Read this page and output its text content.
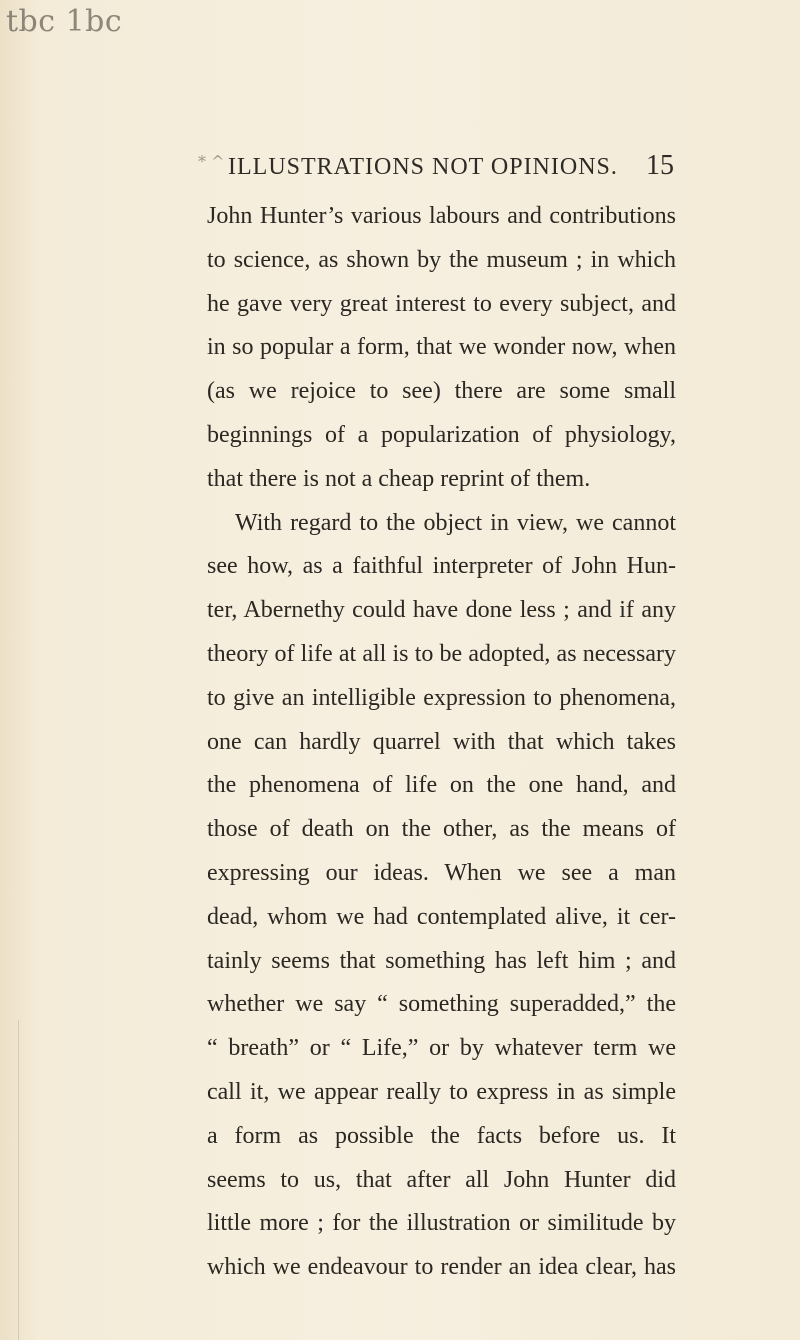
tbc 1bc
* ^ ILLUSTRATIONS NOT OPINIONS. 15
John Hunter’s various labours and contributions
to science, as shown by the museum ; in which
he gave very great interest to every subject, and
in so popular a form, that we wonder now, when
(as we rejoice to see) there are some small
beginnings of a popularization of physiology,
that there is not a cheap reprint of them.
With regard to the object in view, we cannot
see how, as a faithful interpreter of John Hun-
ter, Abernethy could have done less ; and if any
theory of life at all is to be adopted, as necessary
to give an intelligible expression to phenomena,
one can hardly quarrel with that which takes
the phenomena of life on the one hand, and
those of death on the other, as the means of
expressing our ideas. When we see a man
dead, whom we had contemplated alive, it cer-
tainly seems that something has left him ; and
whether we say “ something superadded,” the
“ breath” or “ Life,” or by whatever term we
call it, we appear really to express in as simple
a form as possible the facts before us. It
seems to us, that after all John Hunter did
little more ; for the illustration or similitude by
which we endeavour to render an idea clear, has
